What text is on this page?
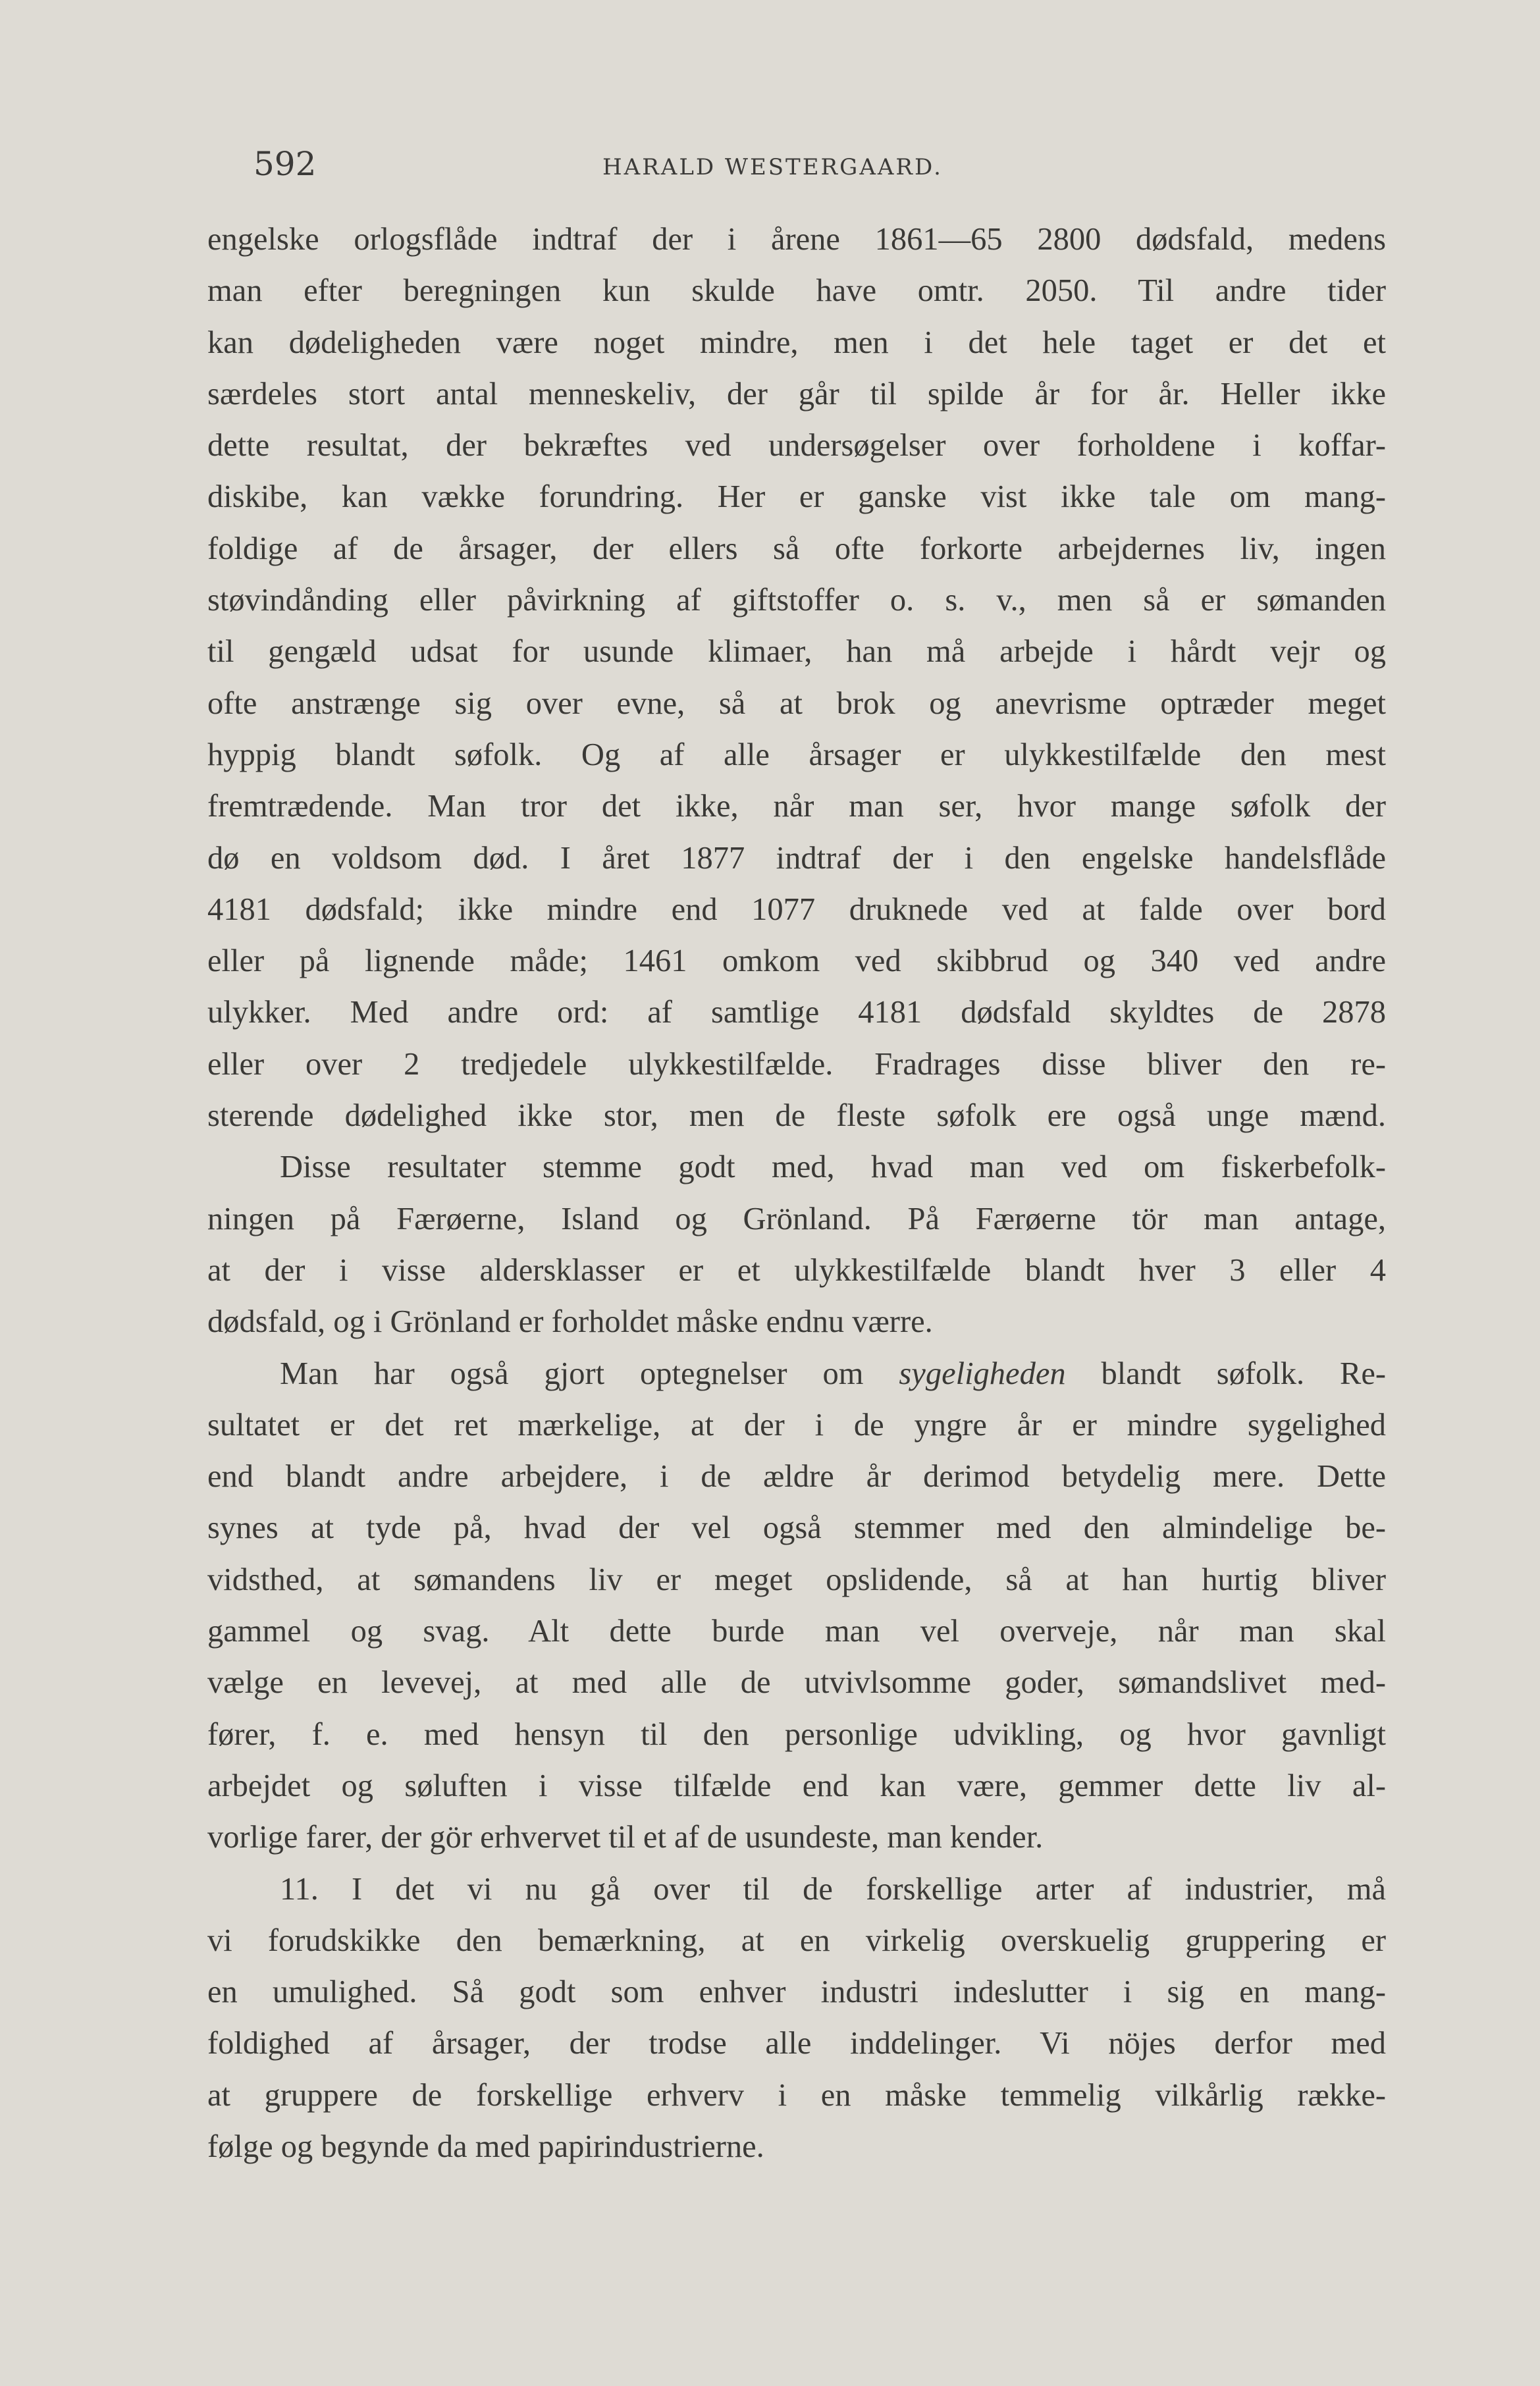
592	HARALD WESTERGAARD.
engelske orlogsflåde indtraf der i årene 1861—65 2800 dødsfald, medens
man efter beregningen kun skulde have omtr. 2050. Til andre tider
kan dødeligheden være noget mindre, men i det hele taget er det et
særdeles stort antal menneskeliv, der går til spilde år for år. Heller ikke
dette resultat, der bekræftes ved undersøgelser over forholdene i koffar-
diskibe, kan vække forundring. Her er ganske vist ikke tale om mang-
foldige af de årsager, der ellers så ofte forkorte arbejdernes liv, ingen
støvindånding eller påvirkning af giftstoffer o. s. v., men så er sømanden
til gengæld udsat for usunde klimaer, han må arbejde i hårdt vejr og
ofte anstrænge sig over evne, så at brok og anevrisme optræder meget
hyppig blandt søfolk. Og af alle årsager er ulykkestilfælde den mest
fremtrædende. Man tror det ikke, når man ser, hvor mange søfolk der
dø en voldsom død. I året 1877 indtraf der i den engelske handelsflåde
4181 dødsfald; ikke mindre end 1077 druknede ved at falde over bord
eller på lignende måde; 1461 omkom ved skibbrud og 340 ved andre
ulykker. Med andre ord: af samtlige 4181 dødsfald skyldtes de 2878
eller over 2 tredjedele ulykkestilfælde. Fradrages disse bliver den re-
sterende dødelighed ikke stor, men de fleste søfolk ere også unge mænd.
Disse resultater stemme godt med, hvad man ved om fiskerbefolk-
ningen på Færøerne, Island og Grönland. På Færøerne tör man antage,
at der i visse aldersklasser er et ulykkestilfælde blandt hver 3 eller 4
dødsfald, og i Grönland er forholdet måske endnu værre.
Man har også gjort optegnelser om sygeligheden blandt søfolk. Re-
sultatet er det ret mærkelige, at der i de yngre år er mindre sygelighed
end blandt andre arbejdere, i de ældre år derimod betydelig mere. Dette
synes at tyde på, hvad der vel også stemmer med den almindelige be-
vidsthed, at sømandens liv er meget opslidende, så at han hurtig bliver
gammel og svag. Alt dette burde man vel overveje, når man skal
vælge en levevej, at med alle de utvivlsomme goder, sømandslivet med-
fører, f. e. med hensyn til den personlige udvikling, og hvor gavnligt
arbejdet og søluften i visse tilfælde end kan være, gemmer dette liv al-
vorlige farer, der gör erhvervet til et af de usundeste, man kender.
11. I det vi nu gå over til de forskellige arter af industrier, må
vi forudskikke den bemærkning, at en virkelig overskuelig gruppering er
en umulighed. Så godt som enhver industri indeslutter i sig en mang-
foldighed af årsager, der trodse alle inddelinger. Vi nöjes derfor med
at gruppere de forskellige erhverv i en måske temmelig vilkårlig række-
følge og begynde da med papirindustrierne.
